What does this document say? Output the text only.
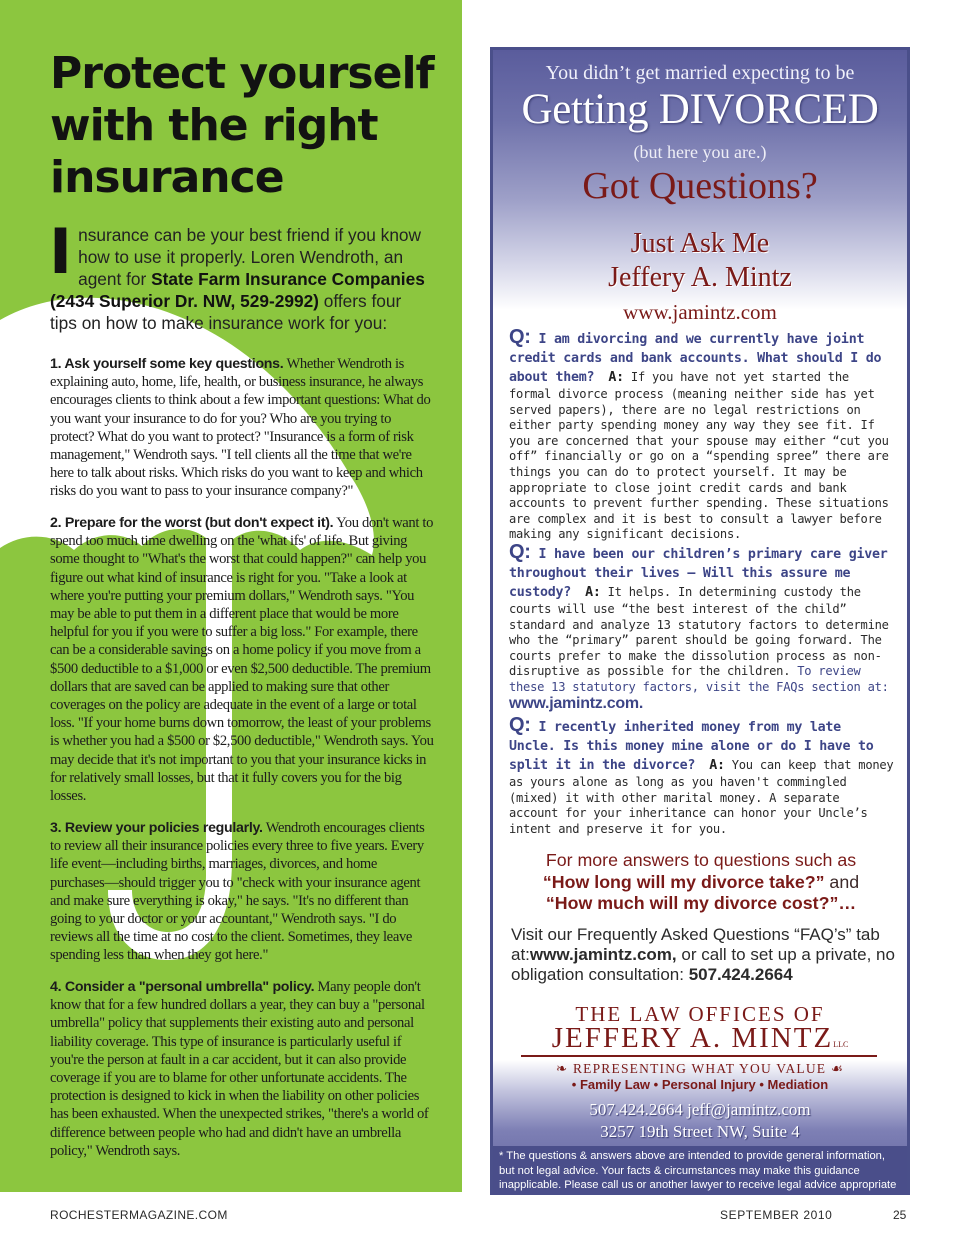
Protect yourself with the right insurance
Insurance can be your best friend if you know how to use it properly. Loren Wendroth, an agent for State Farm Insurance Companies (2434 Superior Dr. NW, 529-2992) offers four tips on how to make insurance work for you:
1. Ask yourself some key questions. Whether Wendroth is explaining auto, home, life, health, or business insurance, he always encourages clients to think about a few important questions: What do you want your insurance to do for you? Who are you trying to protect? What do you want to protect? "Insurance is a form of risk management," Wendroth says. "I tell clients all the time that we're here to talk about risks. Which risks do you want to keep and which risks do you want to pass to your insurance company?"
2. Prepare for the worst (but don't expect it). You don't want to spend too much time dwelling on the 'what ifs' of life. But giving some thought to "What's the worst that could happen?" can help you figure out what kind of insurance is right for you. "Take a look at where you're putting your premium dollars," Wendroth says. "You may be able to put them in a different place that would be more helpful for you if you were to suffer a big loss." For example, there can be a considerable savings on a home policy if you move from a $500 deductible to a $1,000 or even $2,500 deductible. The premium dollars that are saved can be applied to making sure that other coverages on the policy are adequate in the event of a large or total loss. "If your home burns down tomorrow, the least of your problems is whether you had a $500 or $2,500 deductible," Wendroth says. You may decide that it's not important to you that your insurance kicks in for relatively small losses, but that it fully covers you for the big losses.
3. Review your policies regularly. Wendroth encourages clients to review all their insurance policies every three to five years. Every life event—including births, marriages, divorces, and home purchases—should trigger you to "check with your insurance agent and make sure everything is okay," he says. "It's no different than going to your doctor or your accountant," Wendroth says. "I do reviews all the time at no cost to the client. Sometimes, they leave spending less than when they got here."
4. Consider a "personal umbrella" policy. Many people don't know that for a few hundred dollars a year, they can buy a "personal umbrella" policy that supplements their existing auto and personal liability coverage. This type of insurance is particularly useful if you're the person at fault in a car accident, but it can also provide coverage if you are to blame for other unfortunate accidents. The protection is designed to kick in when the liability on other policies has been exhausted. When the unexpected strikes, "there's a world of difference between people who had and didn't have an umbrella policy," Wendroth says.
You didn’t get married expecting to be
Getting DIVORCED
(but here you are.)
Got Questions?
Just Ask Me
Jeffery A. Mintz
www.jamintz.com
Q: I am divorcing and we currently have joint credit cards and bank accounts. What should I do about them? A: If you have not yet started the formal divorce process (meaning neither side has yet served papers), there are no legal restrictions on either party spending money any way they see fit. If you are concerned that your spouse may either “cut you off” financially or go on a “spending spree” there are things you can do to protect yourself. It may be appropriate to close joint credit cards and bank accounts to prevent further spending. These situations are complex and it is best to consult a lawyer before making any significant decisions.
Q: I have been our children’s primary care giver throughout their lives – Will this assure me custody? A: It helps. In determining custody the courts will use “the best interest of the child” standard and analyze 13 statutory factors to determine who the “primary” parent should be going forward. The courts prefer to make the dissolution process as non-disruptive as possible for the children. To review these 13 statutory factors, visit the FAQs section at: www.jamintz.com.
Q: I recently inherited money from my late Uncle. Is this money mine alone or do I have to split it in the divorce? A: You can keep that money as yours alone as long as you haven't commingled (mixed) it with other marital money. A separate account for your inheritance can honor your Uncle’s intent and preserve it for you.
For more answers to questions such as
“How long will my divorce take?” and
“How much will my divorce cost?”…
Visit our Frequently Asked Questions “FAQ’s” tab at:www.jamintz.com, or call to set up a private, no obligation consultation: 507.424.2664
THE LAW OFFICES OF
JEFFERY A. MINTZLLC
❧ REPRESENTING WHAT YOU VALUE ☙
• Family Law • Personal Injury • Mediation
507.424.2664 jeff@jamintz.com
3257 19th Street NW, Suite 4
* The questions & answers above are intended to provide general information, but not legal advice. Your facts & circumstances may make this guidance inapplicable. Please call us or another lawyer to receive legal advice appropriate for your specific situation.
ROCHESTERMAGAZINE.COM	SEPTEMBER 2010	25
